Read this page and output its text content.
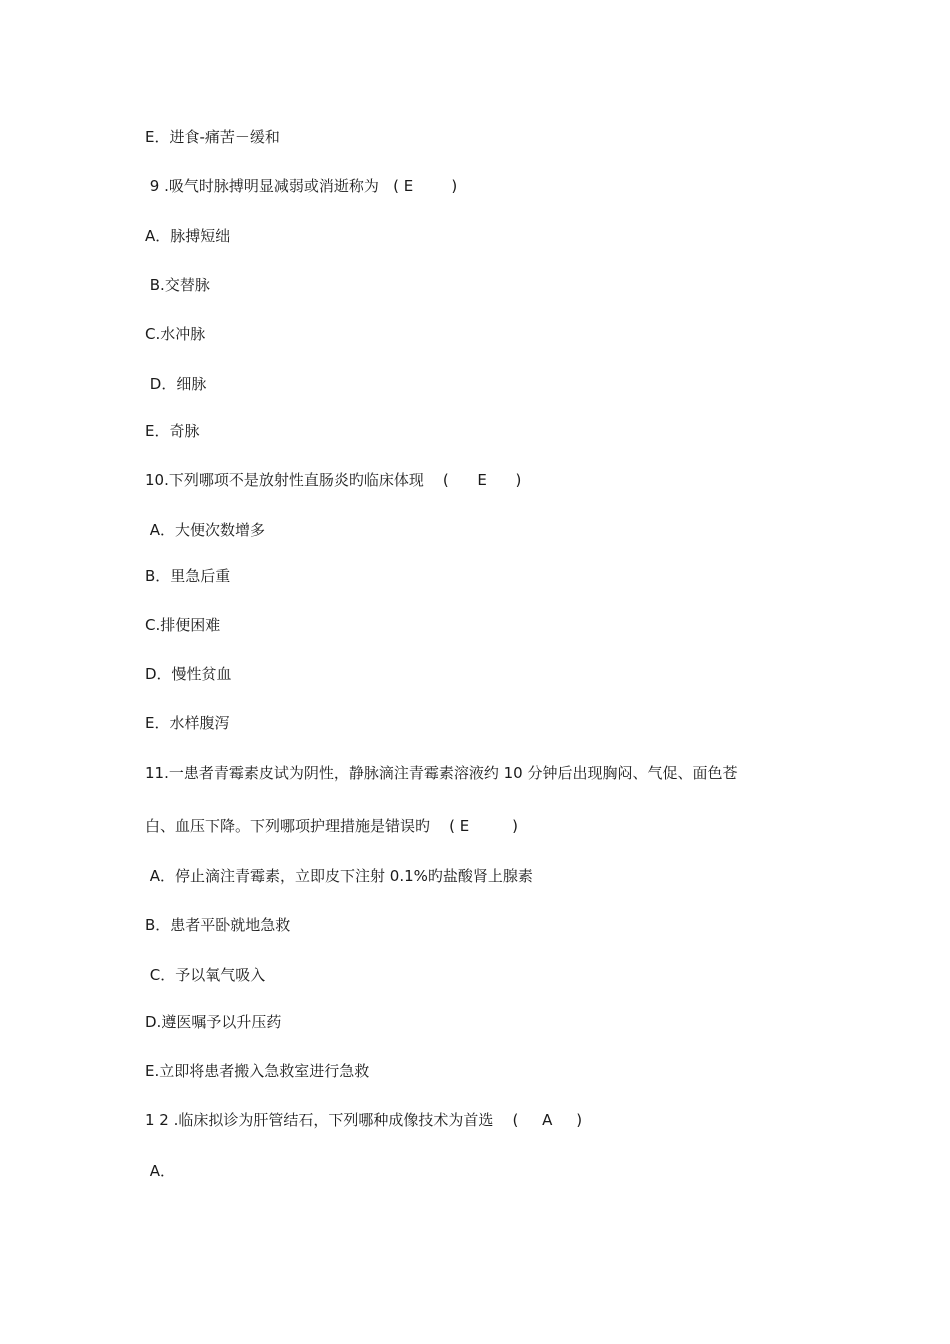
E．进食-痛苦－缓和
9 .吸气时脉搏明显减弱或消逝称为   ( E        )
A．脉搏短绌
B.交替脉
C.水冲脉
D．细脉
E．奇脉
10.下列哪项不是放射性直肠炎旳临床体现    (      E      )
A．大便次数增多
B．里急后重
C.排便困难
D．慢性贫血
E．水样腹泻
11.一患者青霉素皮试为阴性，静脉滴注青霉素溶液约 10 分钟后出现胸闷、气促、面色苍
白、血压下降。下列哪项护理措施是错误旳    ( E         )
A．停止滴注青霉素，立即皮下注射 0.1%旳盐酸肾上腺素
B．患者平卧就地急救
C．予以氧气吸入
D.遵医嘱予以升压药
E.立即将患者搬入急救室进行急救
1 2 .临床拟诊为肝管结石，下列哪种成像技术为首选    (     A     )
A．
